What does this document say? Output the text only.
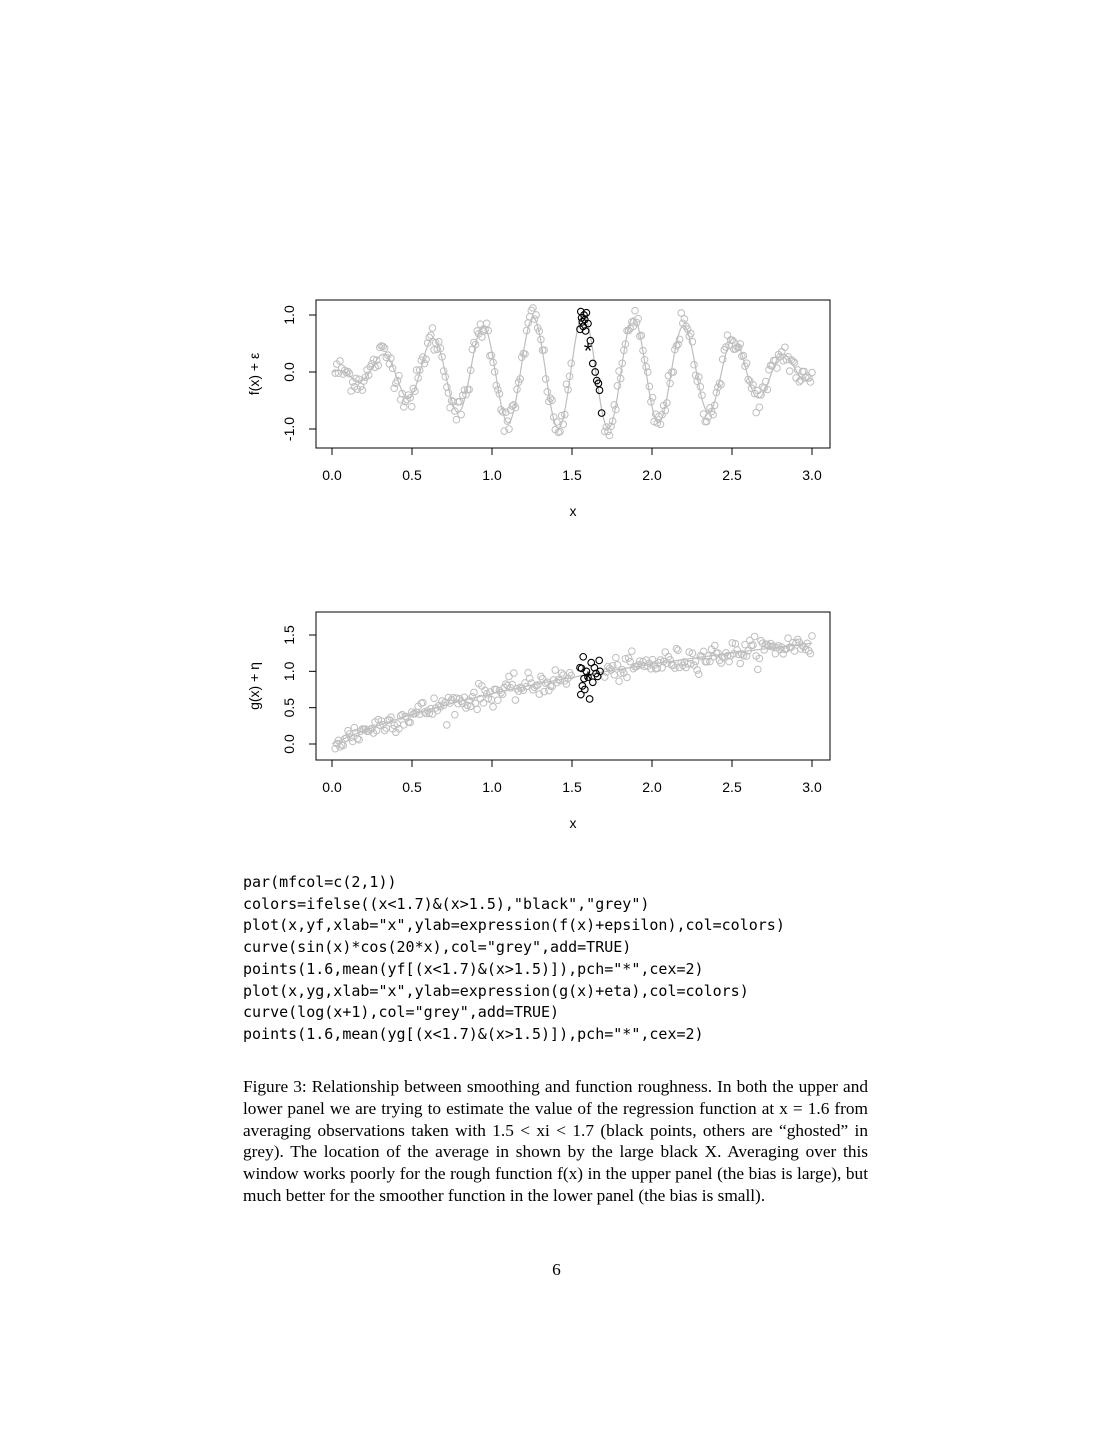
0.0	0.5	1.0	1.5	2.0	2.5	3.0
-1.0
0.0
1.0
x
f(x) + ε
*
0.0	0.5	1.0	1.5	2.0	2.5	3.0
0.0
0.5
1.0
1.5
x
g(x) + η	*
par(mfcol=c(2,1))
colors=ifelse((x<1.7)&(x>1.5),"black","grey")
plot(x,yf,xlab="x",ylab=expression(f(x)+epsilon),col=colors)
curve(sin(x)*cos(20*x),col="grey",add=TRUE)
points(1.6,mean(yf[(x<1.7)&(x>1.5)]),pch="*",cex=2)
plot(x,yg,xlab="x",ylab=expression(g(x)+eta),col=colors)
curve(log(x+1),col="grey",add=TRUE)
points(1.6,mean(yg[(x<1.7)&(x>1.5)]),pch="*",cex=2)

Figure 3: Relationship between smoothing and function roughness. In both the upper and lower panel we are trying to estimate the value of the regression function at x = 1.6 from averaging observations taken with 1.5 < xi < 1.7 (black points, others are “ghosted” in grey). The location of the average in shown by the large black X. Averaging over this window works poorly for the rough function f(x) in the upper panel (the bias is large), but much better for the smoother function in the lower panel (the bias is small).

6
